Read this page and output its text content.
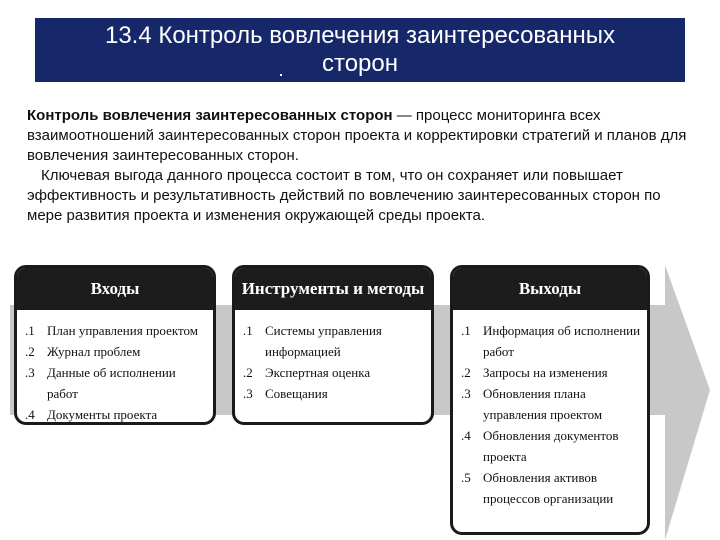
13.4 Контроль вовлечения заинтересованных
сторон
Контроль вовлечения заинтересованных сторон — процесс мониторинга всех взаимоотношений заинтересованных сторон проекта и корректировки стратегий и планов для вовлечения заинтересованных сторон.
Ключевая выгода данного процесса состоит в том, что он сохраняет или повышает эффективность и результативность действий по вовлечению заинтересованных сторон по мере развития проекта и изменения окружающей среды проекта.
Входы
.1 План управления проектом
.2 Журнал проблем
.3 Данные об исполнении работ
.4 Документы проекта
Инструменты и методы
.1 Системы управления информацией
.2 Экспертная оценка
.3 Совещания
Выходы
.1 Информация об исполнении работ
.2 Запросы на изменения
.3 Обновления плана управления проектом
.4 Обновления документов проекта
.5 Обновления активов процессов организации
